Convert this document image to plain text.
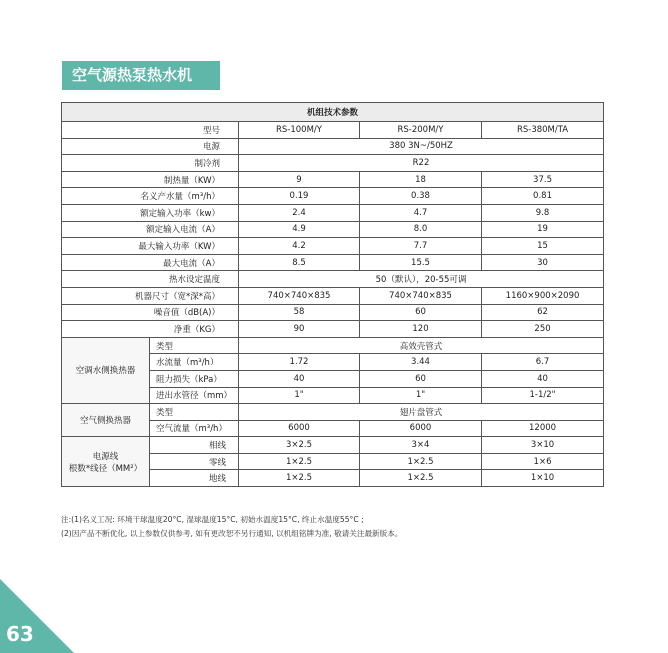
空气源热泵热水机
机组技术参数				
型号		RS-100M/Y	RS-200M/Y	RS-380M/TA
电源		380 3N~/50HZ		
制冷剂		R22		
制热量（KW）		9	18	37.5
名义产水量（m³/h）		0.19	0.38	0.81
额定输入功率（kw）		2.4	4.7	9.8
额定输入电流（A）		4.9	8.0	19
最大输入功率（KW）		4.2	7.7	15
最大电流（A）		8.5	15.5	30
热水设定温度		50（默认），20-55可调		
机器尺寸（宽*深*高）		740×740×835	740×740×835	1160×900×2090
噪音值（dB(A)）		58	60	62
净重（KG）		90	120	250
空调水侧换热器	类型	高效壳管式		
	水流量（m³/h）	1.72	3.44	6.7
	阻力损失（kPa）	40	60	40
	进出水管径（mm）	1"	1"	1-1/2"
空气侧换热器	类型	翅片盘管式		
	空气流量（m³/h）	6000	6000	12000

电源线
根数*线径（MM²）	相线	3×2.5	3×4	3×10
	零线	1×2.5	1×2.5	1×6
	地线	1×2.5	1×2.5	1×10
注:(1)名义工况: 环境干球温度20°C, 湿球温度15°C, 初始水温度15°C, 终止水温度55°C ;
(2)因产品不断优化, 以上参数仅供参考, 如有更改恕不另行通知, 以机组铭牌为准, 敬请关注最新版本。
63
